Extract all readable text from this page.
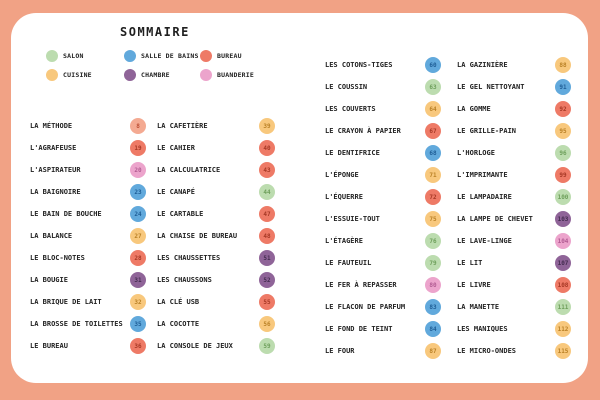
SOMMAIRE
SALON	SALLE DE BAINS	BUREAU
CUISINE	CHAMBRE	BUANDERIE
LA MÉTHODE	8
L'AGRAFEUSE	19
L'ASPIRATEUR	20
LA BAIGNOIRE	23
LE BAIN DE BOUCHE	24
LA BALANCE	27
LE BLOC-NOTES	28
LA BOUGIE	31
LA BRIQUE DE LAIT	32
LA BROSSE DE TOILETTES	35
LE BUREAU	36
LA CAFETIÈRE	39
LE CAHIER	40
LA CALCULATRICE	43
LE CANAPÉ	44
LE CARTABLE	47
LA CHAISE DE BUREAU	48
LES CHAUSSETTES	51
LES CHAUSSONS	52
LA CLÉ USB	55
LA COCOTTE	56
LA CONSOLE DE JEUX	59
LES COTONS-TIGES	60
LE COUSSIN	63
LES COUVERTS	64
LE CRAYON À PAPIER	67
LE DENTIFRICE	68
L'ÉPONGE	71
L'ÉQUERRE	72
L'ESSUIE-TOUT	75
L'ÉTAGÈRE	76
LE FAUTEUIL	79
LE FER À REPASSER	80
LE FLACON DE PARFUM	83
LE FOND DE TEINT	84
LE FOUR	87
LA GAZINIÈRE	88
LE GEL NETTOYANT	91
LA GOMME	92
LE GRILLE-PAIN	95
L'HORLOGE	96
L'IMPRIMANTE	99
LE LAMPADAIRE	100
LA LAMPE DE CHEVET	103
LE LAVE-LINGE	104
LE LIT	107
LE LIVRE	108
LA MANETTE	111
LES MANIQUES	112
LE MICRO-ONDES	115
